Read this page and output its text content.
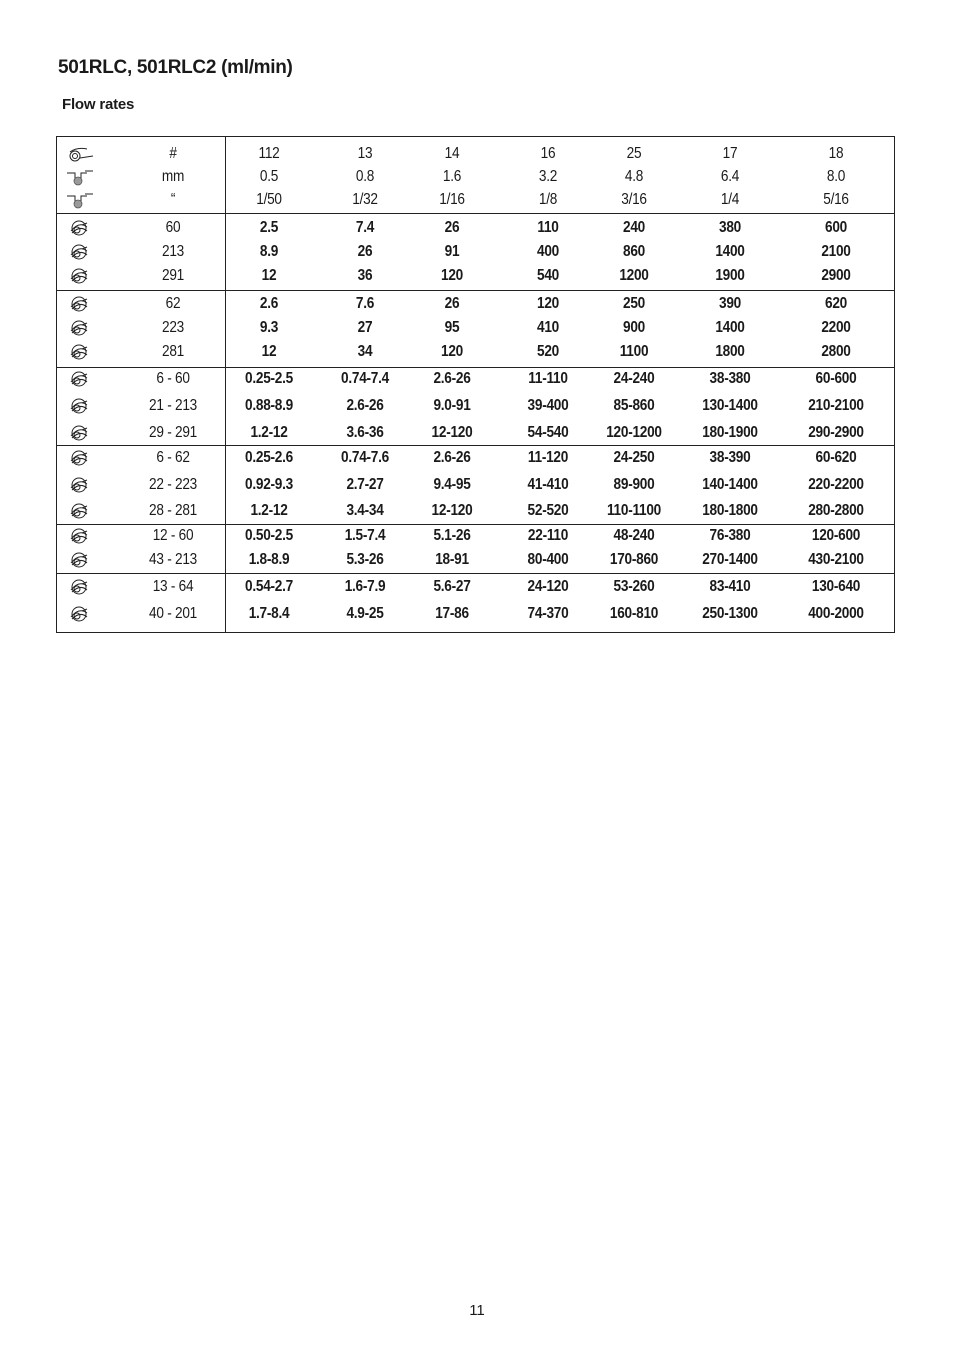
501RLC, 501RLC2 (ml/min)
Flow rates
#	112	13	14	16	25	17	18
mm	0.5	0.8	1.6	3.2	4.8	6.4	8.0
“	1/50	1/32	1/16	1/8	3/16	1/4	5/16
60	2.5	7.4	26	110	240	380	600
213	8.9	26	91	400	860	1400	2100
291	12	36	120	540	1200	1900	2900
62	2.6	7.6	26	120	250	390	620
223	9.3	27	95	410	900	1400	2200
281	12	34	120	520	1100	1800	2800
6 - 60	0.25-2.5	0.74-7.4	2.6-26	11-110	24-240	38-380	60-600
21 - 213	0.88-8.9	2.6-26	9.0-91	39-400	85-860	130-1400	210-2100
29 - 291	1.2-12	3.6-36	12-120	54-540	120-1200	180-1900	290-2900
6 - 62	0.25-2.6	0.74-7.6	2.6-26	11-120	24-250	38-390	60-620
22 - 223	0.92-9.3	2.7-27	9.4-95	41-410	89-900	140-1400	220-2200
28 - 281	1.2-12	3.4-34	12-120	52-520	110-1100	180-1800	280-2800
12 - 60	0.50-2.5	1.5-7.4	5.1-26	22-110	48-240	76-380	120-600
43 - 213	1.8-8.9	5.3-26	18-91	80-400	170-860	270-1400	430-2100
13 - 64	0.54-2.7	1.6-7.9	5.6-27	24-120	53-260	83-410	130-640
40 - 201	1.7-8.4	4.9-25	17-86	74-370	160-810	250-1300	400-2000
11
